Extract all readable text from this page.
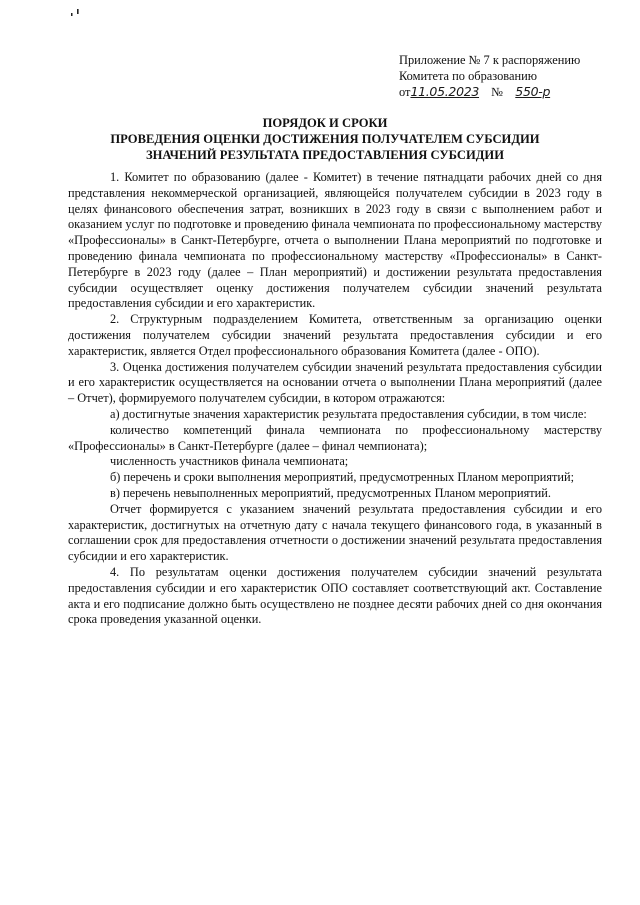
Приложение № 7 к распоряжению
Комитета по образованию
от11.05.2023 № 550-р
ПОРЯДОК И СРОКИ
ПРОВЕДЕНИЯ ОЦЕНКИ ДОСТИЖЕНИЯ ПОЛУЧАТЕЛЕМ СУБСИДИИ
ЗНАЧЕНИЙ РЕЗУЛЬТАТА ПРЕДОСТАВЛЕНИЯ СУБСИДИИ

1. Комитет по образованию (далее - Комитет) в течение пятнадцати рабочих дней со дня представления некоммерческой организацией, являющейся получателем субсидии в 2023 году в целях финансового обеспечения затрат, возникших в 2023 году в связи с выполнением работ и оказанием услуг по подготовке и проведению финала чемпионата по профессиональному мастерству «Профессионалы» в Санкт-Петербурге, отчета о выполнении Плана мероприятий по подготовке и проведению финала чемпионата по профессиональному мастерству «Профессионалы» в Санкт-Петербурге в 2023 году (далее – План мероприятий) и достижении результата предоставления субсидии осуществляет оценку достижения получателем субсидии значений результата предоставления субсидии и его характеристик.

2. Структурным подразделением Комитета, ответственным за организацию оценки достижения получателем субсидии значений результата предоставления субсидии и его характеристик, является Отдел профессионального образования Комитета (далее - ОПО).

3. Оценка достижения получателем субсидии значений результата предоставления субсидии и его характеристик осуществляется на основании отчета о выполнении Плана мероприятий (далее – Отчет), формируемого получателем субсидии, в котором отражаются:

а) достигнутые значения характеристик результата предоставления субсидии, в том числе:

количество компетенций финала чемпионата по профессиональному мастерству «Профессионалы» в Санкт-Петербурге (далее – финал чемпионата);

численность участников финала чемпионата;

б) перечень и сроки выполнения мероприятий, предусмотренных Планом мероприятий;

в) перечень невыполненных мероприятий, предусмотренных Планом мероприятий.

Отчет формируется с указанием значений результата предоставления субсидии и его характеристик, достигнутых на отчетную дату с начала текущего финансового года, в указанный в соглашении срок для предоставления отчетности о достижении значений результата предоставления субсидии и его характеристик.

4. По результатам оценки достижения получателем субсидии значений результата предоставления субсидии и его характеристик ОПО составляет соответствующий акт. Составление акта и его подписание должно быть осуществлено не позднее десяти рабочих дней со дня окончания срока проведения указанной оценки.
